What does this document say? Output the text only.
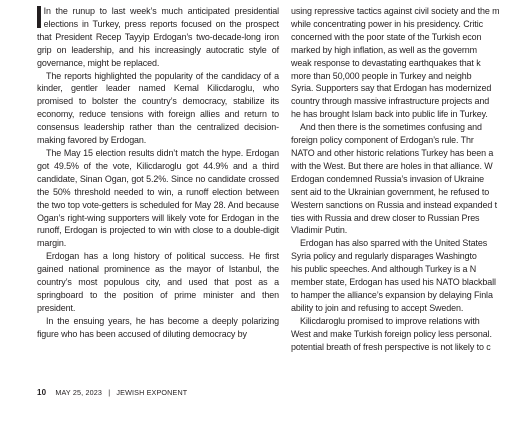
In the runup to last week’s much anticipated presidential elections in Turkey, press reports focused on the prospect that President Recep Tayyip Erdogan’s two-decade-long iron grip on leadership, and his increasingly autocratic style of governance, might be replaced.

The reports highlighted the popularity of the candidacy of a kinder, gentler leader named Kemal Kilicdaroglu, who promised to bolster the country’s democracy, stabilize its economy, reduce tensions with foreign allies and return to consensus leadership rather than the centralized decision-making favored by Erdogan.

The May 15 election results didn’t match the hype. Erdogan got 49.5% of the vote, Kilicdaroglu got 44.9% and a third candidate, Sinan Ogan, got 5.2%. Since no candidate crossed the 50% threshold needed to win, a runoff election between the two top vote-getters is scheduled for May 28. And because Ogan’s right-wing supporters will likely vote for Erdogan in the runoff, Erdogan is projected to win with close to a double-digit margin.

Erdogan has a long history of political success. He first gained national prominence as the mayor of Istanbul, the country’s most populous city, and used that post as a springboard to the position of prime minister and then president.

In the ensuing years, he has become a deeply polarizing figure who has been accused of diluting democracy by

using repressive tactics against civil society and the m
while concentrating power in his presidency. Critic
concerned with the poor state of the Turkish econ
marked by high inflation, as well as the governm
weak response to devastating earthquakes that k
more than 50,000 people in Turkey and neighb
Syria. Supporters say that Erdogan has modernized
country through massive infrastructure projects and
he has brought Islam back into public life in Turkey.
And then there is the sometimes confusing and
foreign policy component of Erdogan’s rule. Thr
NATO and other historic relations Turkey has been a
with the West. But there are holes in that alliance. W
Erdogan condemned Russia’s invasion of Ukraine
sent aid to the Ukrainian government, he refused to
Western sanctions on Russia and instead expanded t
ties with Russia and drew closer to Russian Pres
Vladimir Putin.
Erdogan has also sparred with the United States
Syria policy and regularly disparages Washingto
his public speeches. And although Turkey is a N
member state, Erdogan has used his NATO blackball
to hamper the alliance’s expansion by delaying Finla
ability to join and refusing to accept Sweden.
Kilicdaroglu promised to improve relations with
West and make Turkish foreign policy less personal.
potential breath of fresh perspective is not likely to c
10 MAY 25, 2023 | JEWISH EXPONENT
